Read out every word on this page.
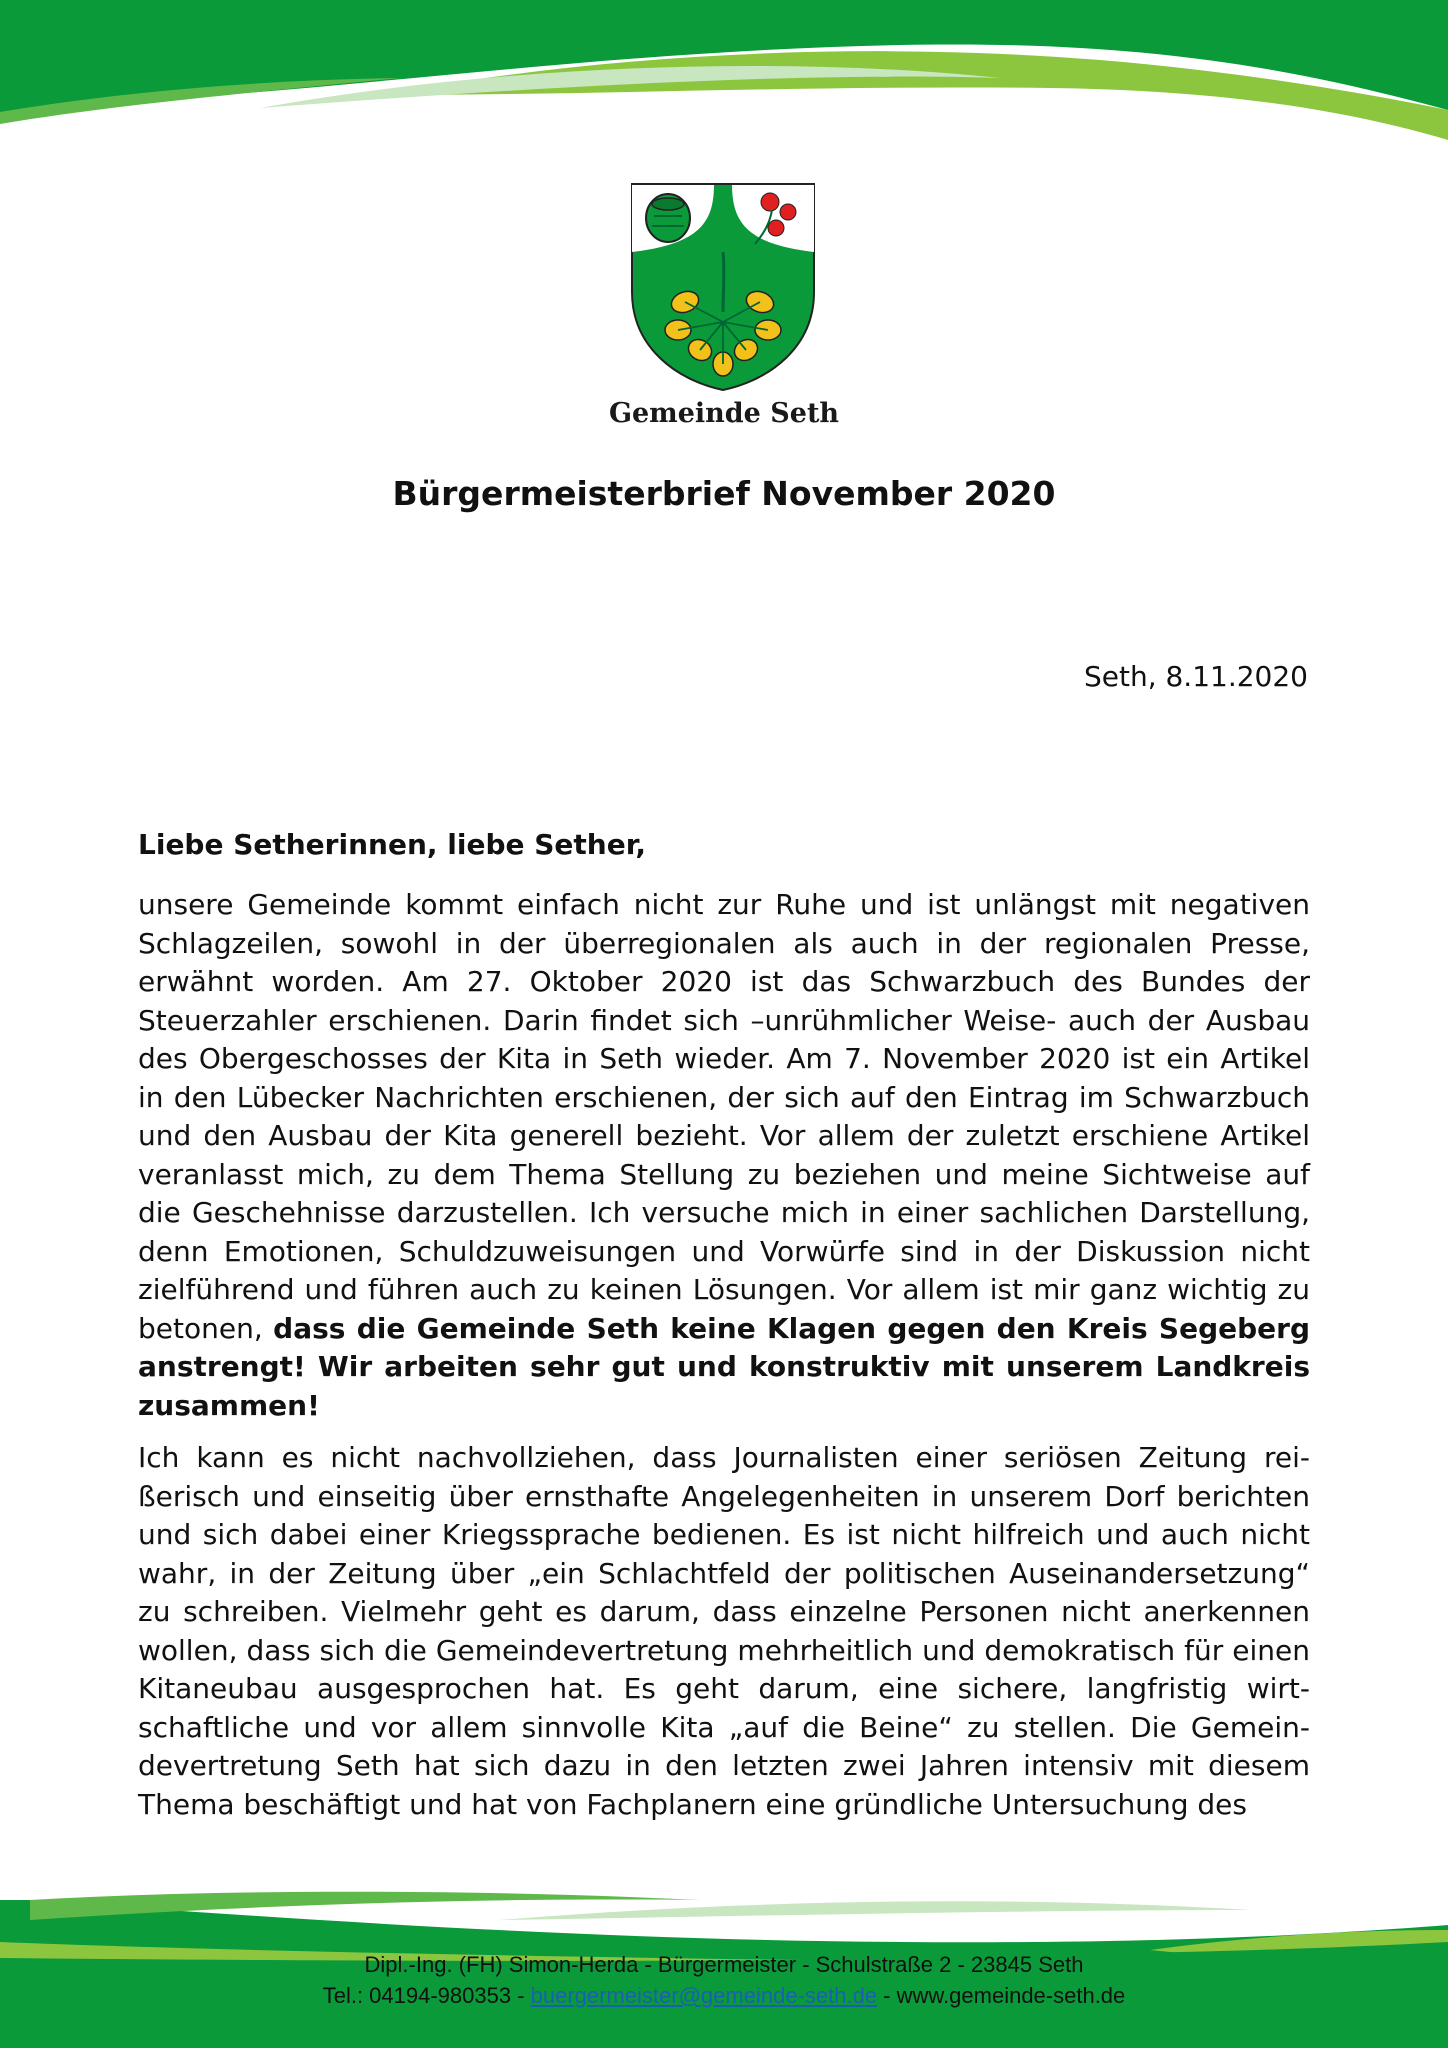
Gemeinde Seth
Bürgermeisterbrief November 2020
Seth, 8.11.2020
Liebe Setherinnen, liebe Sether,

unsere Gemeinde kommt einfach nicht zur Ruhe und ist unlängst mit negativen Schlagzeilen, sowohl in der überregionalen als auch in der regionalen Presse, erwähnt worden. Am 27. Oktober 2020 ist das Schwarzbuch des Bundes der Steuerzahler erschienen. Darin findet sich –unrühmlicher Weise- auch der Ausbau des Obergeschosses der Kita in Seth wieder. Am 7. November 2020 ist ein Artikel in den Lübecker Nachrichten erschienen, der sich auf den Eintrag im Schwarzbuch und den Ausbau der Kita generell bezieht. Vor allem der zuletzt erschiene Artikel veranlasst mich, zu dem Thema Stellung zu beziehen und meine Sichtweise auf die Geschehnisse darzustellen. Ich versuche mich in einer sachlichen Darstellung, denn Emotionen, Schuldzuweisungen und Vorwürfe sind in der Diskussion nicht zielführend und führen auch zu keinen Lösungen. Vor allem ist mir ganz wichtig zu betonen, dass die Gemeinde Seth keine Klagen gegen den Kreis Segeberg anstrengt! Wir arbeiten sehr gut und konstruktiv mit unserem Landkreis zusammen!

Ich kann es nicht nachvollziehen, dass Journalisten einer seriösen Zeitung reißerisch und einseitig über ernsthafte Angelegenheiten in unserem Dorf berichten und sich dabei einer Kriegssprache bedienen. Es ist nicht hilfreich und auch nicht wahr, in der Zeitung über „ein Schlachtfeld der politischen Auseinandersetzung“ zu schreiben. Vielmehr geht es darum, dass einzelne Personen nicht anerkennen wollen, dass sich die Gemeindevertretung mehrheitlich und demokratisch für einen Kitaneubau ausgesprochen hat. Es geht darum, eine sichere, langfristig wirtschaftliche und vor allem sinnvolle Kita „auf die Beine“ zu stellen. Die Gemeindevertretung Seth hat sich dazu in den letzten zwei Jahren intensiv mit diesem Thema beschäftigt und hat von Fachplanern eine gründliche Untersuchung des

Dipl.-Ing. (FH) Simon-Herda - Bürgermeister - Schulstraße 2 - 23845 Seth
Tel.: 04194-980353 - buergermeister@gemeinde-seth.de - www.gemeinde-seth.de
